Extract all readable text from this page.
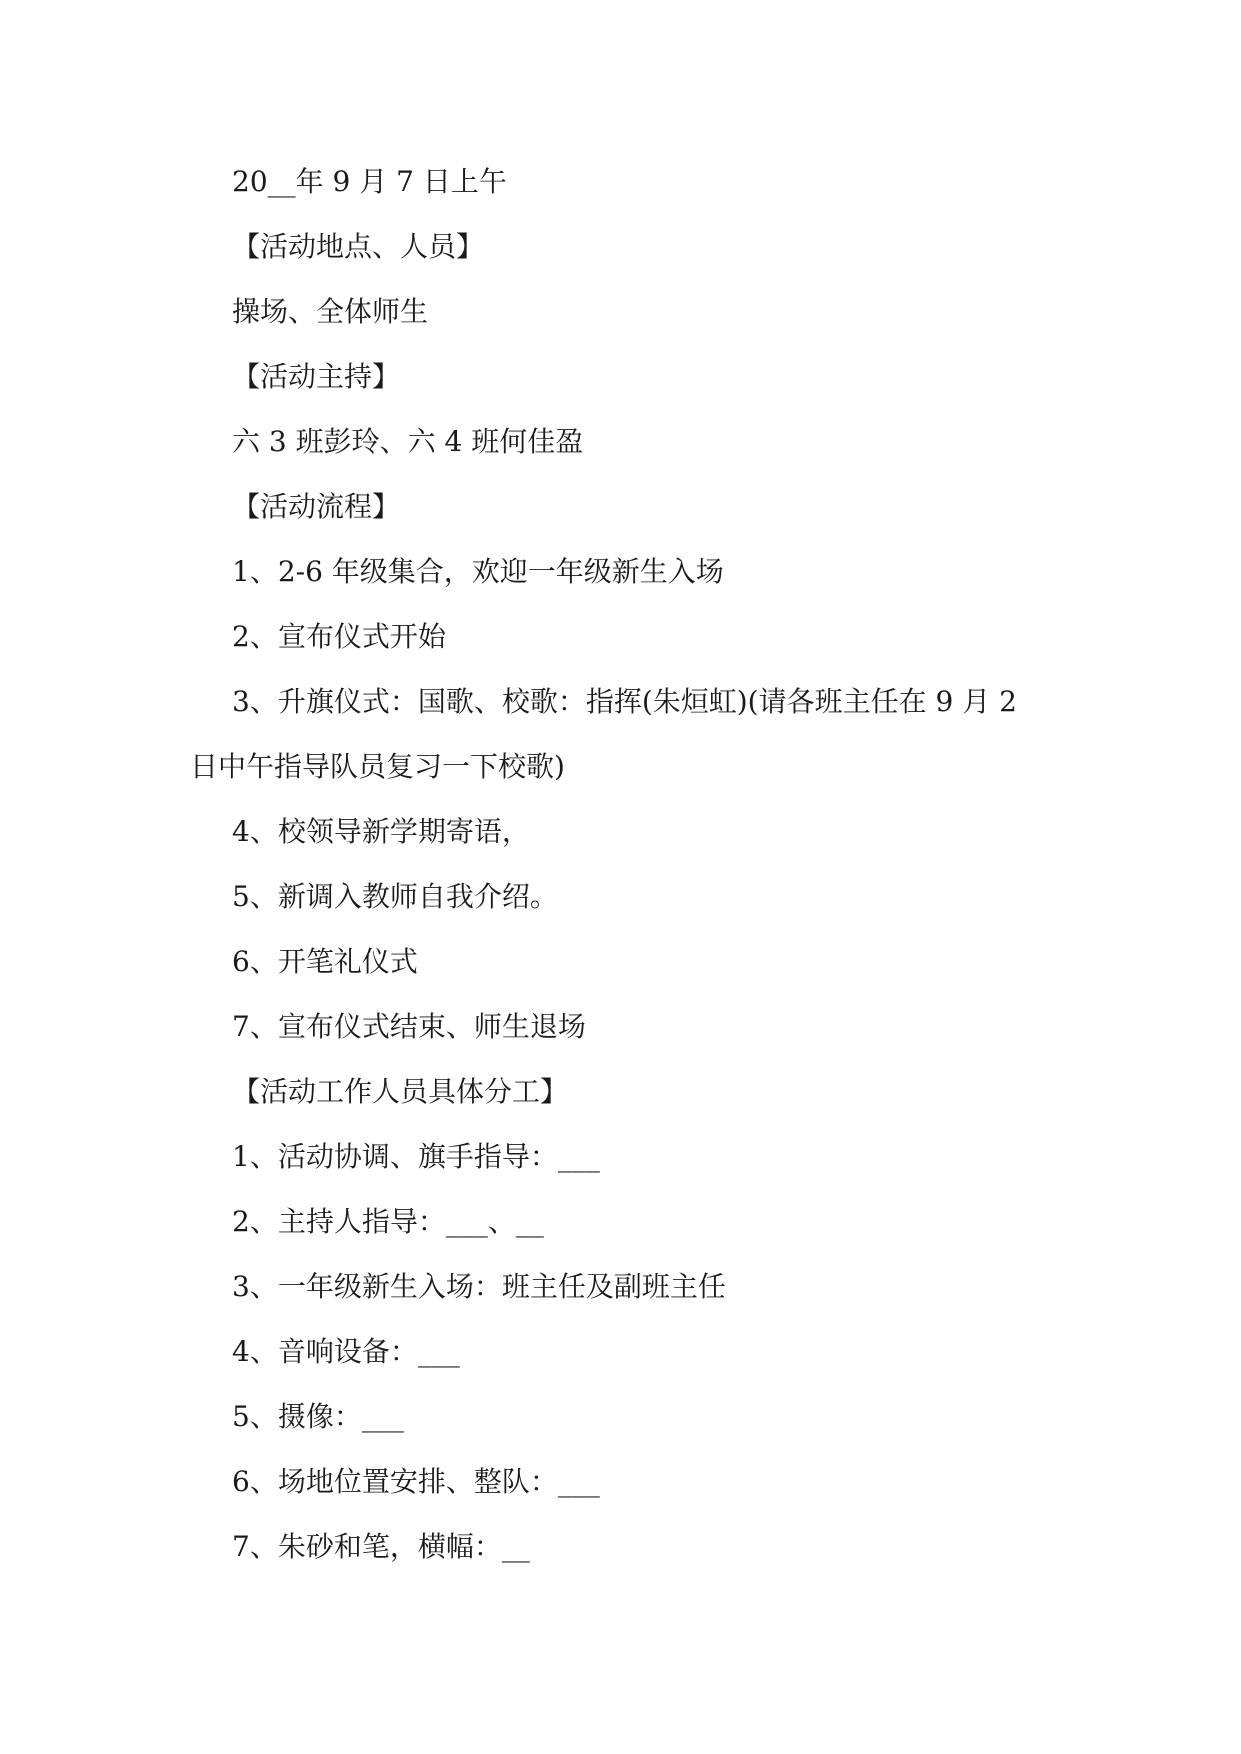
20__年 9 月 7 日上午

【活动地点、人员】

操场、全体师生

【活动主持】

六 3 班彭玲、六 4 班何佳盈

【活动流程】

1、2-6 年级集合，欢迎一年级新生入场

2、宣布仪式开始

3、升旗仪式：国歌、校歌：指挥(朱烜虹)(请各班主任在 9 月 2

日中午指导队员复习一下校歌)

4、校领导新学期寄语，

5、新调入教师自我介绍。

6、开笔礼仪式

7、宣布仪式结束、师生退场

【活动工作人员具体分工】

1、活动协调、旗手指导：___

2、主持人指导：___、__

3、一年级新生入场：班主任及副班主任

4、音响设备：___

5、摄像：___

6、场地位置安排、整队：___

7、朱砂和笔，横幅：__
